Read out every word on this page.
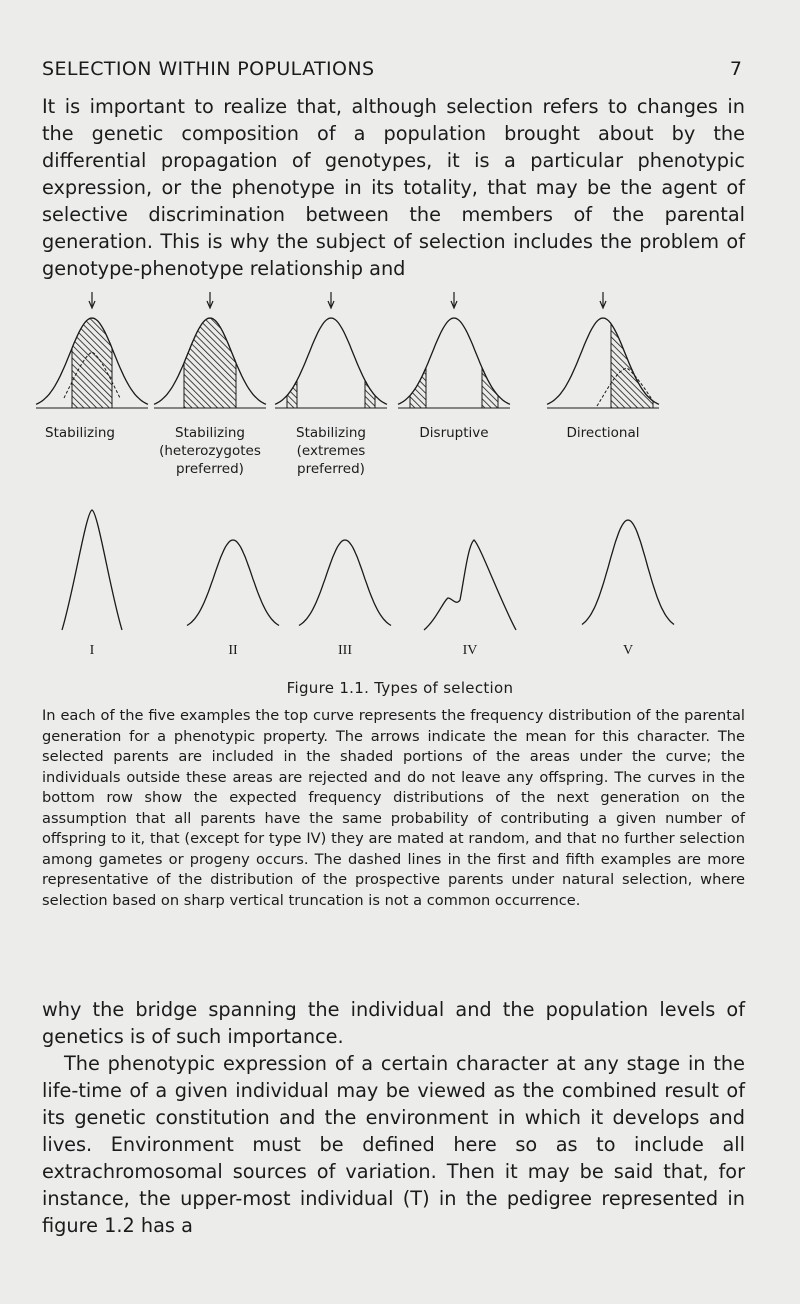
SELECTION WITHIN POPULATIONS	7

It is important to realize that, although selection refers to changes in the genetic composition of a population brought about by the differential propagation of genotypes, it is a particular phenotypic expression, or the phenotype in its totality, that may be the agent of selective discrimination between the members of the parental generation. This is why the subject of selection includes the problem of genotype-phenotype relationship and

Stabilizing	Stabilizing
(heterozygotes
preferred)
Stabilizing
(extremes
preferred)
Disruptive	Directional
I	II	III	IV	V
Figure 1.1. Types of selection

In each of the five examples the top curve represents the frequency distribution of the parental generation for a phenotypic property. The arrows indicate the mean for this character. The selected parents are included in the shaded portions of the areas under the curve; the individuals outside these areas are rejected and do not leave any offspring. The curves in the bottom row show the expected frequency distributions of the next generation on the assumption that all parents have the same probability of contributing a given number of offspring to it, that (except for type IV) they are mated at random, and that no further selection among gametes or progeny occurs. The dashed lines in the first and fifth examples are more representative of the distribution of the prospective parents under natural selection, where selection based on sharp vertical truncation is not a common occurrence.

why the bridge spanning the individual and the population levels of genetics is of such importance.
The phenotypic expression of a certain character at any stage in the life-time of a given individual may be viewed as the combined result of its genetic constitution and the environment in which it develops and lives. Environment must be defined here so as to include all extrachromosomal sources of variation. Then it may be said that, for instance, the upper-most individual (T) in the pedigree represented in figure 1.2 has a
